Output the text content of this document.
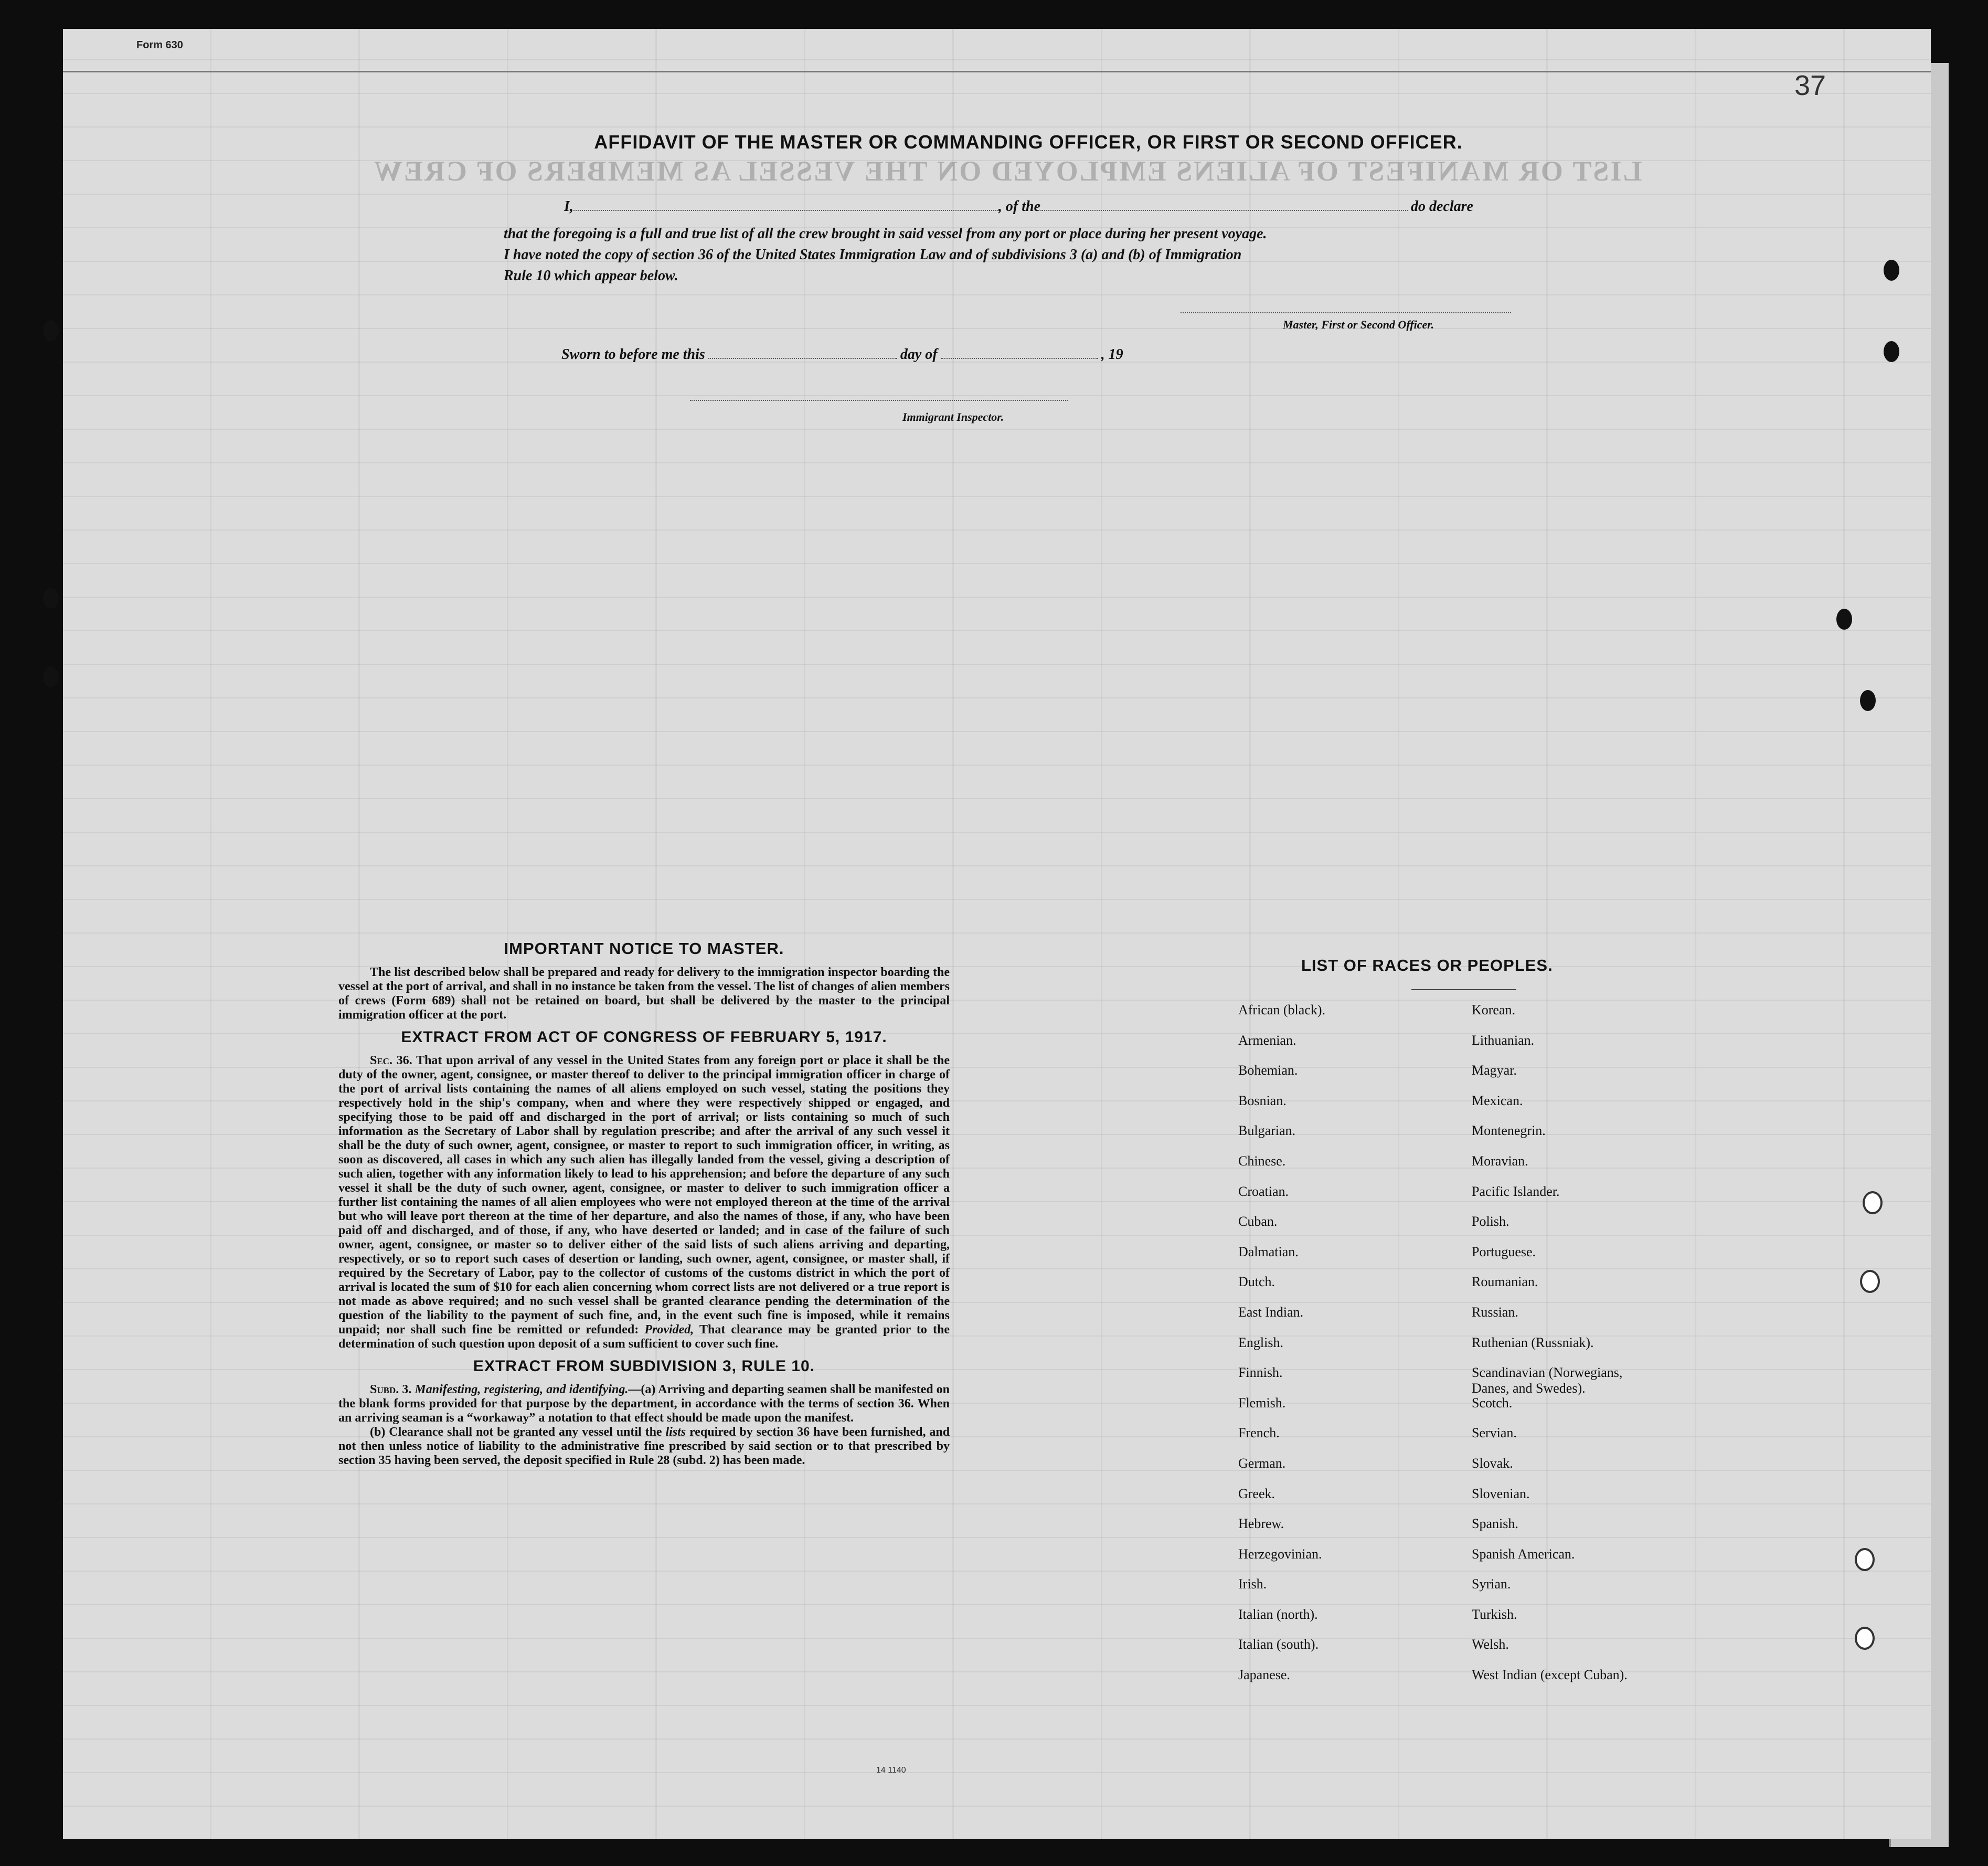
LIST OR MANIFEST OF ALIENS EMPLOYED ON THE VESSEL AS MEMBERS OF CREW
Form 630
37
AFFIDAVIT OF THE MASTER OR COMMANDING OFFICER, OR FIRST OR SECOND OFFICER.
I,	, of the	do declare
that the foregoing is a full and true list of all the crew brought in said vessel from any port or place during her present voyage.
I have noted the copy of section 36 of the United States Immigration Law and of subdivisions 3 (a) and (b) of Immigration
Rule 10 which appear below.
Master, First or Second Officer.
Sworn to before me this	day of	, 19
Immigrant Inspector.
IMPORTANT NOTICE TO MASTER.

The list described below shall be prepared and ready for delivery to the immigration inspector boarding the vessel at the port of arrival, and shall in no instance be taken from the vessel. The list of changes of alien members of crews (Form 689) shall not be retained on board, but shall be delivered by the master to the principal immigration officer at the port.

EXTRACT FROM ACT OF CONGRESS OF FEBRUARY 5, 1917.

Sec. 36. That upon arrival of any vessel in the United States from any foreign port or place it shall be the duty of the owner, agent, consignee, or master thereof to deliver to the principal immigration officer in charge of the port of arrival lists containing the names of all aliens employed on such vessel, stating the positions they respectively hold in the ship's company, when and where they were respectively shipped or engaged, and specifying those to be paid off and discharged in the port of arrival; or lists containing so much of such information as the Secretary of Labor shall by regulation prescribe; and after the arrival of any such vessel it shall be the duty of such owner, agent, consignee, or master to report to such immigration officer, in writing, as soon as discovered, all cases in which any such alien has illegally landed from the vessel, giving a description of such alien, together with any information likely to lead to his apprehension; and before the departure of any such vessel it shall be the duty of such owner, agent, consignee, or master to deliver to such immigration officer a further list containing the names of all alien employees who were not employed thereon at the time of the arrival but who will leave port thereon at the time of her departure, and also the names of those, if any, who have been paid off and discharged, and of those, if any, who have deserted or landed; and in case of the failure of such owner, agent, consignee, or master so to deliver either of the said lists of such aliens arriving and departing, respectively, or so to report such cases of desertion or landing, such owner, agent, consignee, or master shall, if required by the Secretary of Labor, pay to the collector of customs of the customs district in which the port of arrival is located the sum of $10 for each alien concerning whom correct lists are not delivered or a true report is not made as above required; and no such vessel shall be granted clearance pending the determination of the question of the liability to the payment of such fine, and, in the event such fine is imposed, while it remains unpaid; nor shall such fine be remitted or refunded: Provided, That clearance may be granted prior to the determination of such question upon deposit of a sum sufficient to cover such fine.

EXTRACT FROM SUBDIVISION 3, RULE 10.

Subd. 3. Manifesting, registering, and identifying.—(a) Arriving and departing seamen shall be manifested on the blank forms provided for that purpose by the department, in accordance with the terms of section 36. When an arriving seaman is a “workaway” a notation to that effect should be made upon the manifest.

(b) Clearance shall not be granted any vessel until the lists required by section 36 have been furnished, and not then unless notice of liability to the administrative fine prescribed by said section or to that prescribed by section 35 having been served, the deposit specified in Rule 28 (subd. 2) has been made.

LIST OF RACES OR PEOPLES.
African (black).
Armenian.
Bohemian.
Bosnian.
Bulgarian.
Chinese.
Croatian.
Cuban.
Dalmatian.
Dutch.
East Indian.
English.
Finnish.
Flemish.
French.
German.
Greek.
Hebrew.
Herzegovinian.
Irish.
Italian (north).
Italian (south).
Japanese.
Korean.
Lithuanian.
Magyar.
Mexican.
Montenegrin.
Moravian.
Pacific Islander.
Polish.
Portuguese.
Roumanian.
Russian.
Ruthenian (Russniak).
Scandinavian (Norwegians,
Danes, and Swedes).
Scotch.
Servian.
Slovak.
Slovenian.
Spanish.
Spanish American.
Syrian.
Turkish.
Welsh.
West Indian (except Cuban).
14 1140
